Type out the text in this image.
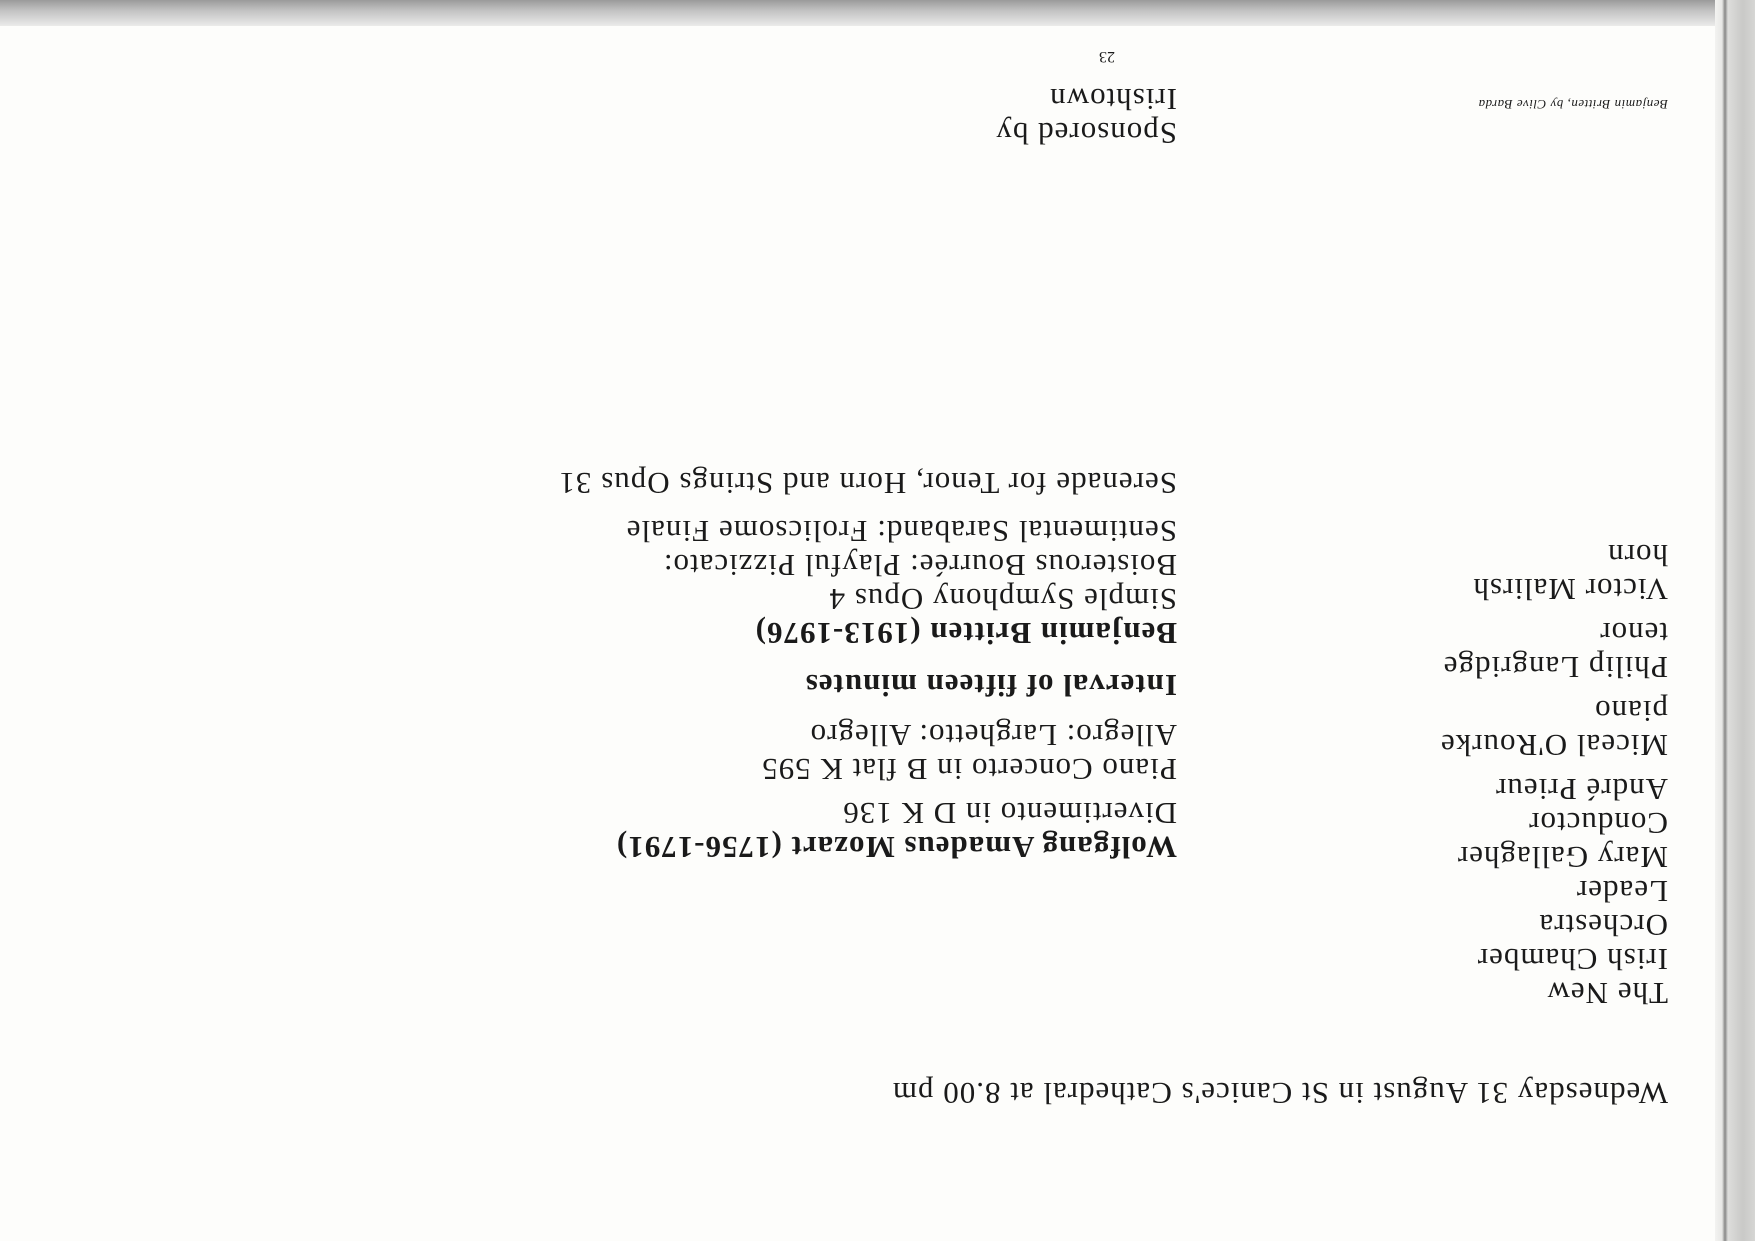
Wednesday 31 August in St Canice's Cathedral at 8.00 pm
The New
Irish Chamber
Orchestra
Leader
Mary Gallagher
Conductor
André Prieur
Miceal O'Rourke
piano
Philip Langridge
tenor
Victor Malirsh
horn
Wolfgang Amadeus Mozart (1756-1791)
Divertimento in D K 136
Piano Concerto in B flat K 595
Allegro: Larghetto: Allegro
Interval of fifteen minutes
Benjamin Britten (1913-1976)
Simple Symphony Opus 4
Boisterous Bourrée: Playful Pizzicato:
Sentimental Saraband: Frolicsome Finale
Serenade for Tenor, Horn and Strings Opus 31
Sponsored by
Irishtown	Benjamin Britten, by Clive Barda
23
